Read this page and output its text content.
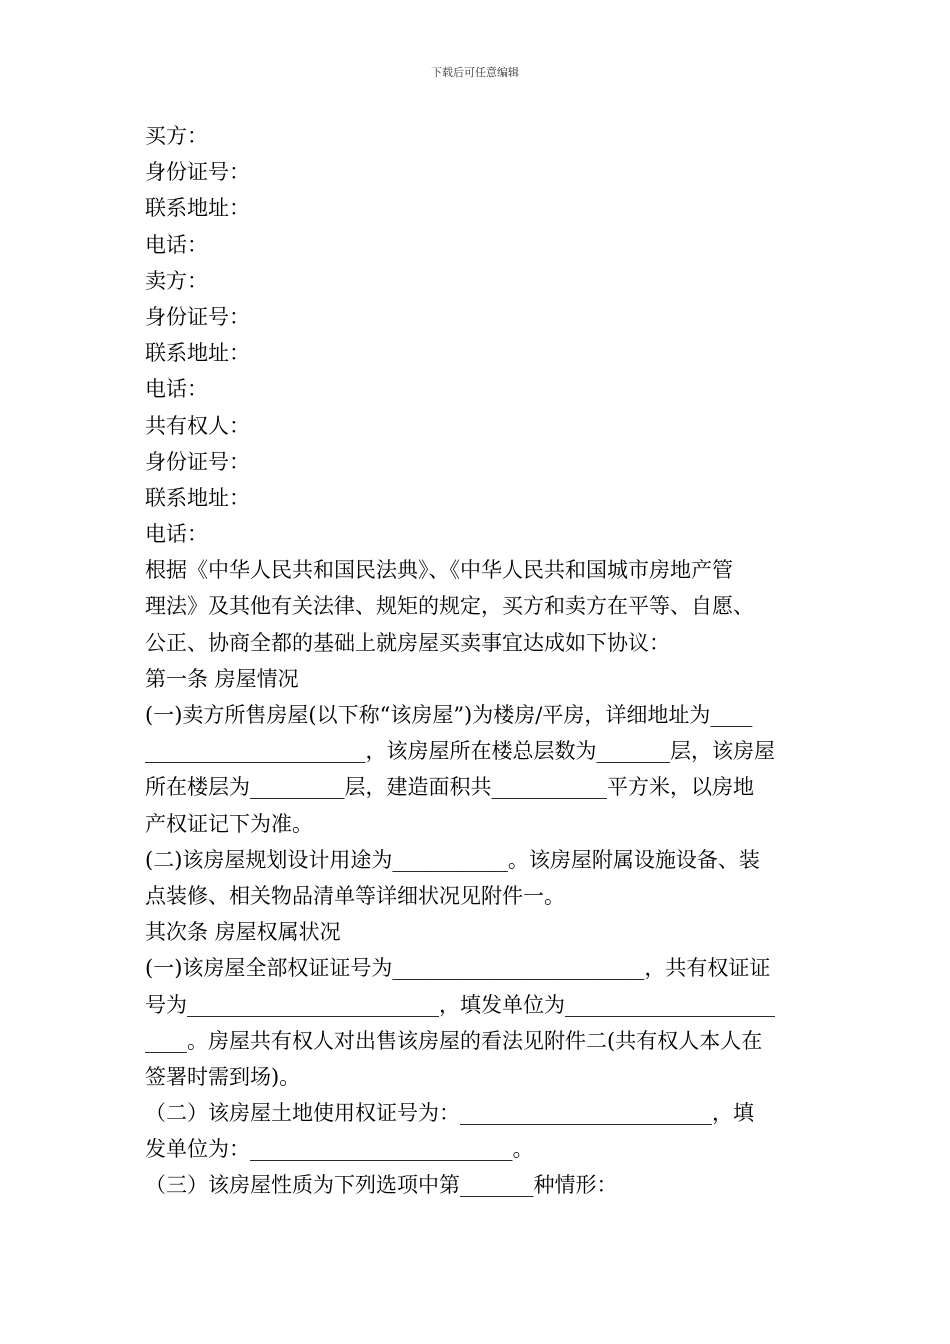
下载后可任意编辑
买方：
身份证号：
联系地址：
电话：
卖方：
身份证号：
联系地址：
电话：
共有权人：
身份证号：
联系地址：
电话：
根据《中华人民共和国民法典》、《中华人民共和国城市房地产管
理法》及其他有关法律、规矩的规定，买方和卖方在平等、自愿、
公正、协商全都的基础上就房屋买卖事宜达成如下协议：
第一条 房屋情况
(一)卖方所售房屋(以下称“该房屋”)为楼房/平房，详细地址为____
_____________________，该房屋所在楼总层数为_______层，该房屋
所在楼层为_________层，建造面积共___________平方米，以房地
产权证记下为准。
(二)该房屋规划设计用途为___________。该房屋附属设施设备、装
点装修、相关物品清单等详细状况见附件一。
其次条 房屋权属状况
(一)该房屋全部权证证号为________________________，共有权证证
号为________________________，填发单位为____________________
____。房屋共有权人对出售该房屋的看法见附件二(共有权人本人在
签署时需到场)。
（二）该房屋土地使用权证号为：________________________，填
发单位为：_________________________。
（三）该房屋性质为下列选项中第_______种情形：
